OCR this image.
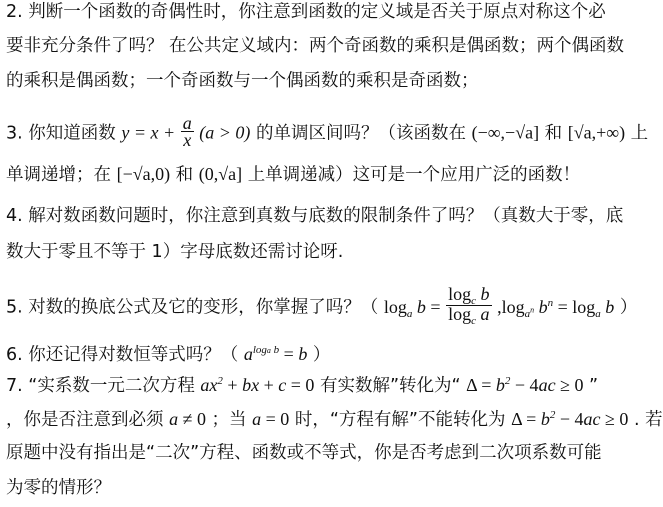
2. 判断一个函数的奇偶性时，你注意到函数的定义域是否关于原点对称这个必
要非充分条件了吗？ 在公共定义域内：两个奇函数的乘积是偶函数；两个偶函数
的乘积是偶函数；一个奇函数与一个偶函数的乘积是奇函数；
3. 你知道函数 $y = x + \frac{a}{x} (a > 0)$ 的单调区间吗？（该函数在 (−∞,−√a] 和 [√a,+∞) 上
单调递增；在 [−√a,0) 和 (0,√a] 上单调递减）这可是一个应用广泛的函数！
4. 解对数函数问题时，你注意到真数与底数的限制条件了吗？（真数大于零，底
数大于零且不等于 1）字母底数还需讨论呀.
5. 对数的换底公式及它的变形，你掌握了吗？（ $\log_a b = \frac{\log_c b}{\log_c a} ,\log_{a^n}$ $b^n = \log_a b$ ）
6. 你还记得对数恒等式吗？（ $a^{loga b} = b$ ）
7. “实系数一元二次方程 $ax^2$ + bx + c = 0 有实数解”转化为“ $\Delta = b^2 - 4ac \ge 0$ ”
，你是否注意到必须 a ≠ 0 ；当 a = 0 时，“方程有解”不能转化为 $\Delta = b^2 - 4ac \ge 0$ . 若
原题中没有指出是“二次”方程、函数或不等式，你是否考虑到二次项系数可能
为零的情形？
